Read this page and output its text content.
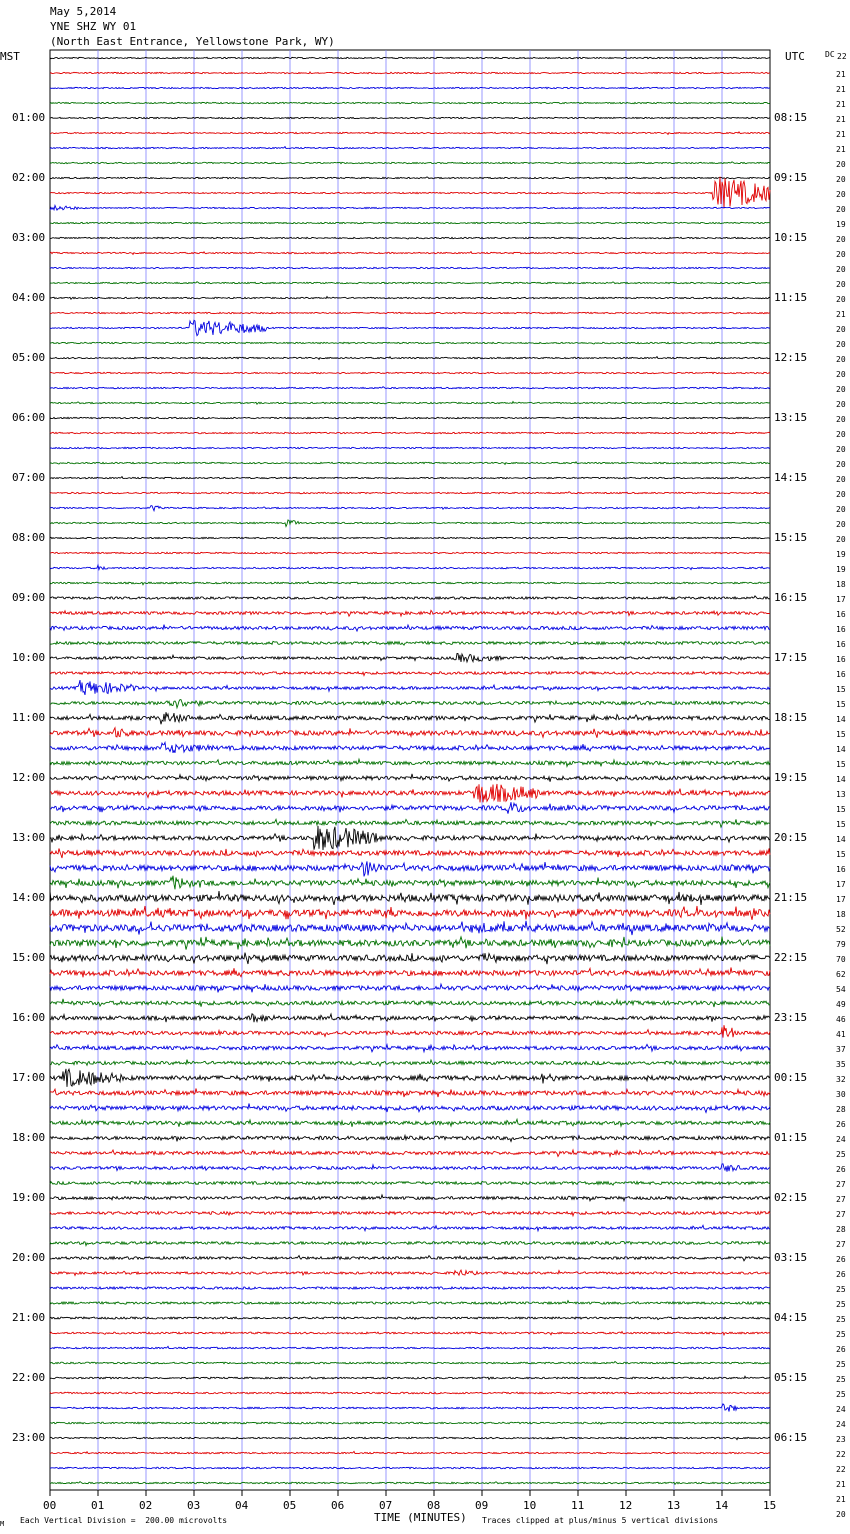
May 5,2014
YNE SHZ WY 01
(North East Entrance, Yellowstone Park, WY)
MST	UTC
01:00
02:00
03:00
04:00
05:00
06:00
07:00
08:00
09:00
10:00
11:00
12:00
13:00
14:00
15:00
16:00
17:00
18:00
19:00
20:00
21:00
22:00
23:00
08:15
09:15
10:15
11:15
12:15
13:15
14:15
15:15
16:15
17:15
18:15
19:15
20:15
21:15
22:15
23:15
00:15
01:15
02:15
03:15
04:15
05:15
06:15
DC 22
21
21
21
21
21
21
20
20
20
20
19
20
20
20
20
20
21
20
20
20
20
20
20
20
20
20
20
20
20
20
20
20
19
19
18
17
16
16
16
16
16
15
15
14
15
14
15
14
13
15
15
14
15
16
17
17
18
52
79
70
62
54
49
46
41
37
35
32
30
28
26
24
25
26
27
27
27
28
27
26
26
25
25
25
25
26
25
25
25
24
24
23
22
22
21
21
20
00	01	02	03	04	05	06	07	08	09	10	11	12	13	14	15
M Each Vertical Division =  200.00 microvolts	TIME (MINUTES) Traces clipped at plus/minus 5 vertical divisions
